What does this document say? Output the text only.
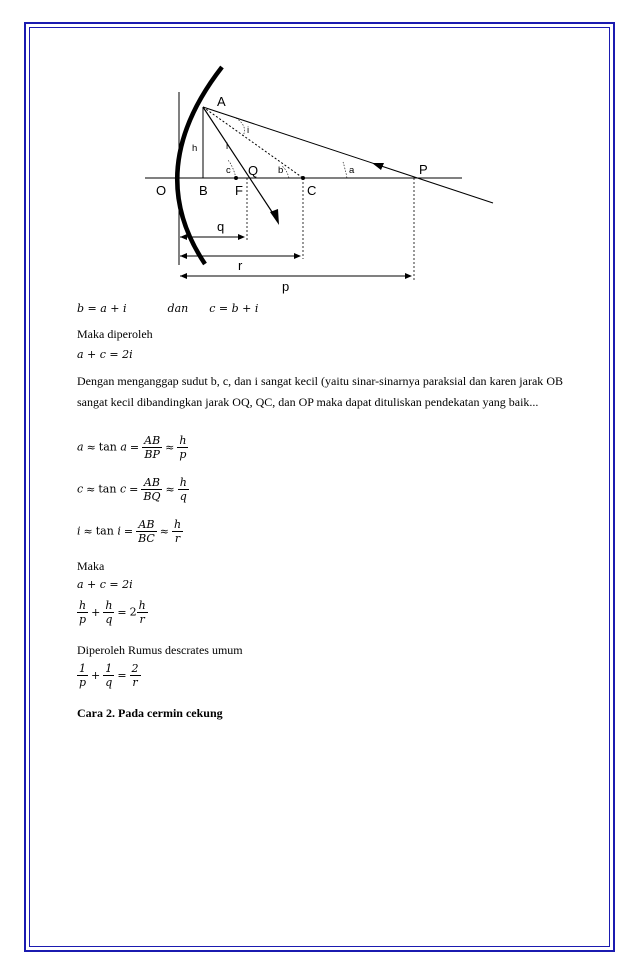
A
i
i
h
c Q b	a	P
O	B F	C
q
r
p
b = a + i	dan c = b + i
Maka diperoleh
a + c = 2i
Dengan menganggap sudut b, c, dan i sangat kecil (yaitu sinar-sinarnya paraksial dan karen jarak OB sangat kecil dibandingkan jarak OQ, QC, dan OP maka dapat dituliskan pendekatan yang baik...
$a \approx \tan a = \frac{AB}{BP} \approx \frac{h}{p}$
$c \approx \tan c = \frac{AB}{BQ} \approx \frac{h}{q}$
$i \approx \tan i = \frac{AB}{BC} \approx \frac{h}{r}$
Maka
a + c = 2i
$\frac{h}{p} + \frac{h}{q} = 2 \frac{h}{r}$
Diperoleh Rumus descrates umum
$\frac{1}{p} + \frac{1}{q} = \frac{2}{r}$
Cara 2. Pada cermin cekung
